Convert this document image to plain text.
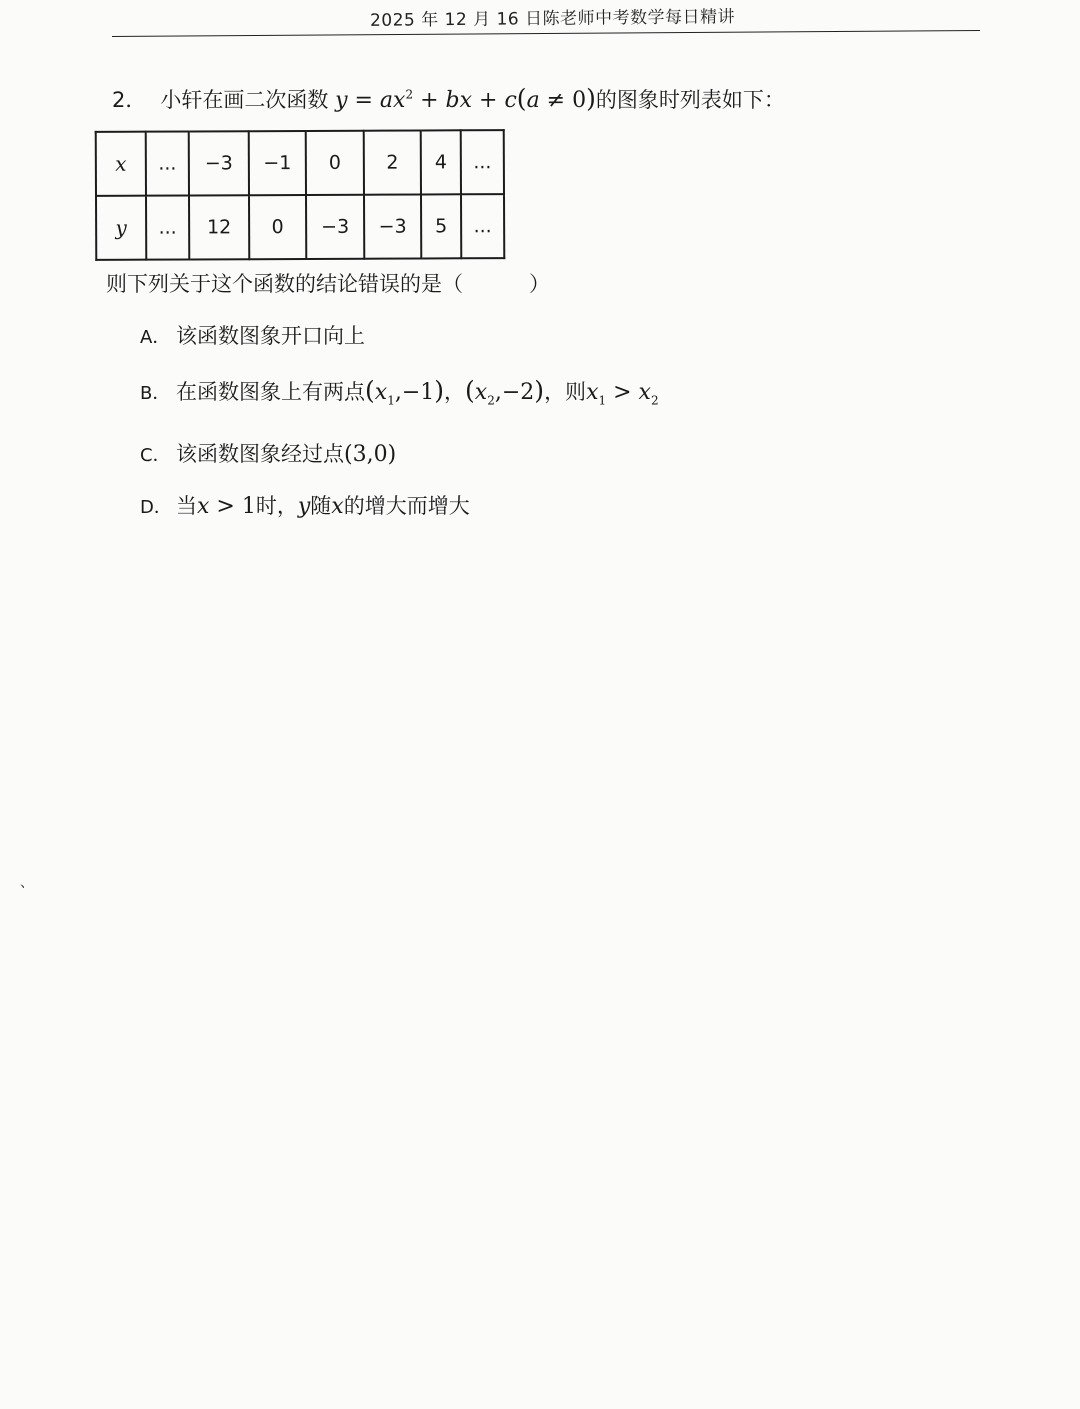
2025 年 12 月 16 日陈老师中考数学每日精讲
2． 小轩在画二次函数 $y = ax^2$ + bx + c(a ≠ 0)的图象时列表如下：
x	...	−3	−1	0	2	4	...
y	...	12	0	−3	−3	5	...
则下列关于这个函数的结论错误的是（	）
A． 该函数图象开口向上
B． 在函数图象上有两点$(x_1,-1)$，$(x_2,-2)$，则$x_1 > x_2$
C． 该函数图象经过点(3,0)
D． 当x > 1时，y随x的增大而增大
、
